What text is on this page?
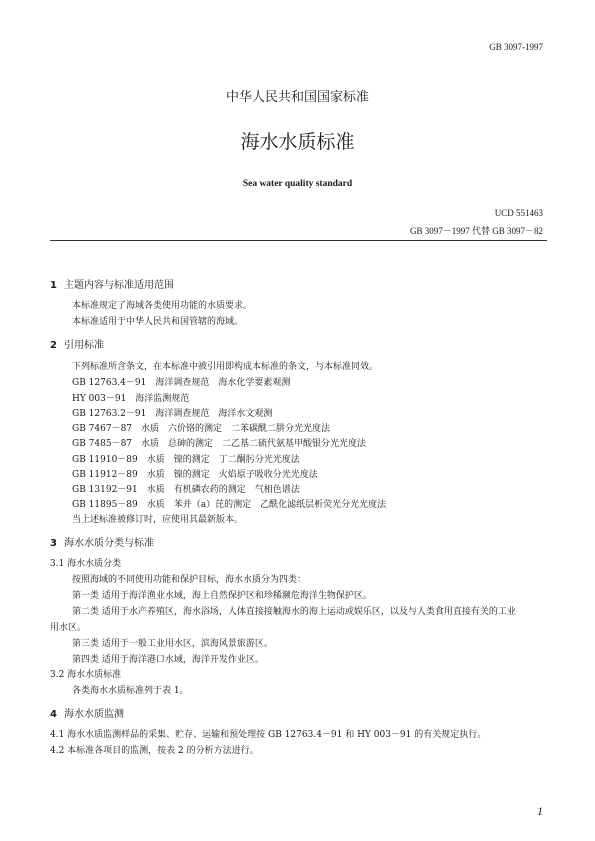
GB 3097-1997
中华人民共和国国家标准
海水水质标准
Sea water quality standard
UCD 551463
GB 3097－1997 代替 GB 3097－82
1 主题内容与标准适用范围
本标准规定了海域各类使用功能的水质要求。
本标准适用于中华人民共和国管辖的海域。
2 引用标准
下列标准所含条文，在本标准中被引用即构成本标准的条文，与本标准同效。
GB 12763.4－91　海洋调查规范　海水化学要素观测
HY 003－91　海洋监测规范
GB 12763.2－91　海洋调查规范　海洋水文观测
GB 7467－87　水质　六价铬的测定　二苯碳酰二肼分光光度法
GB 7485－87　水质　总砷的测定　二乙基二硫代氨基甲酸银分光光度法
GB 11910－89　水质　镍的测定　丁二酮肟分光光度法
GB 11912－89　水质　镍的测定　火焰原子吸收分光光度法
GB 13192－91　水质　有机磷农药的测定　气相色谱法
GB 11895－89　水质　苯并（a）芘的测定　乙酰化滤纸层析荧光分光光度法
当上述标准被修订时，应使用其最新版本。
3 海水水质分类与标准
3.1 海水水质分类
按照海域的不同使用功能和保护目标，海水水质分为四类：
第一类 适用于海洋渔业水域，海上自然保护区和珍稀濒危海洋生物保护区。
第二类 适用于水产养殖区，海水浴场，人体直接接触海水的海上运动或娱乐区，以及与人类食用直接有关的工业
用水区。
第三类 适用于一般工业用水区，滨海风景旅游区。
第四类 适用于海洋港口水域，海洋开发作业区。
3.2 海水水质标准
各类海水水质标准列于表 1。
4 海水水质监测
4.1 海水水质监测样品的采集、贮存、运输和预处理按 GB 12763.4－91 和 HY 003－91 的有关规定执行。
4.2 本标准各项目的监测，按表 2 的分析方法进行。
1
